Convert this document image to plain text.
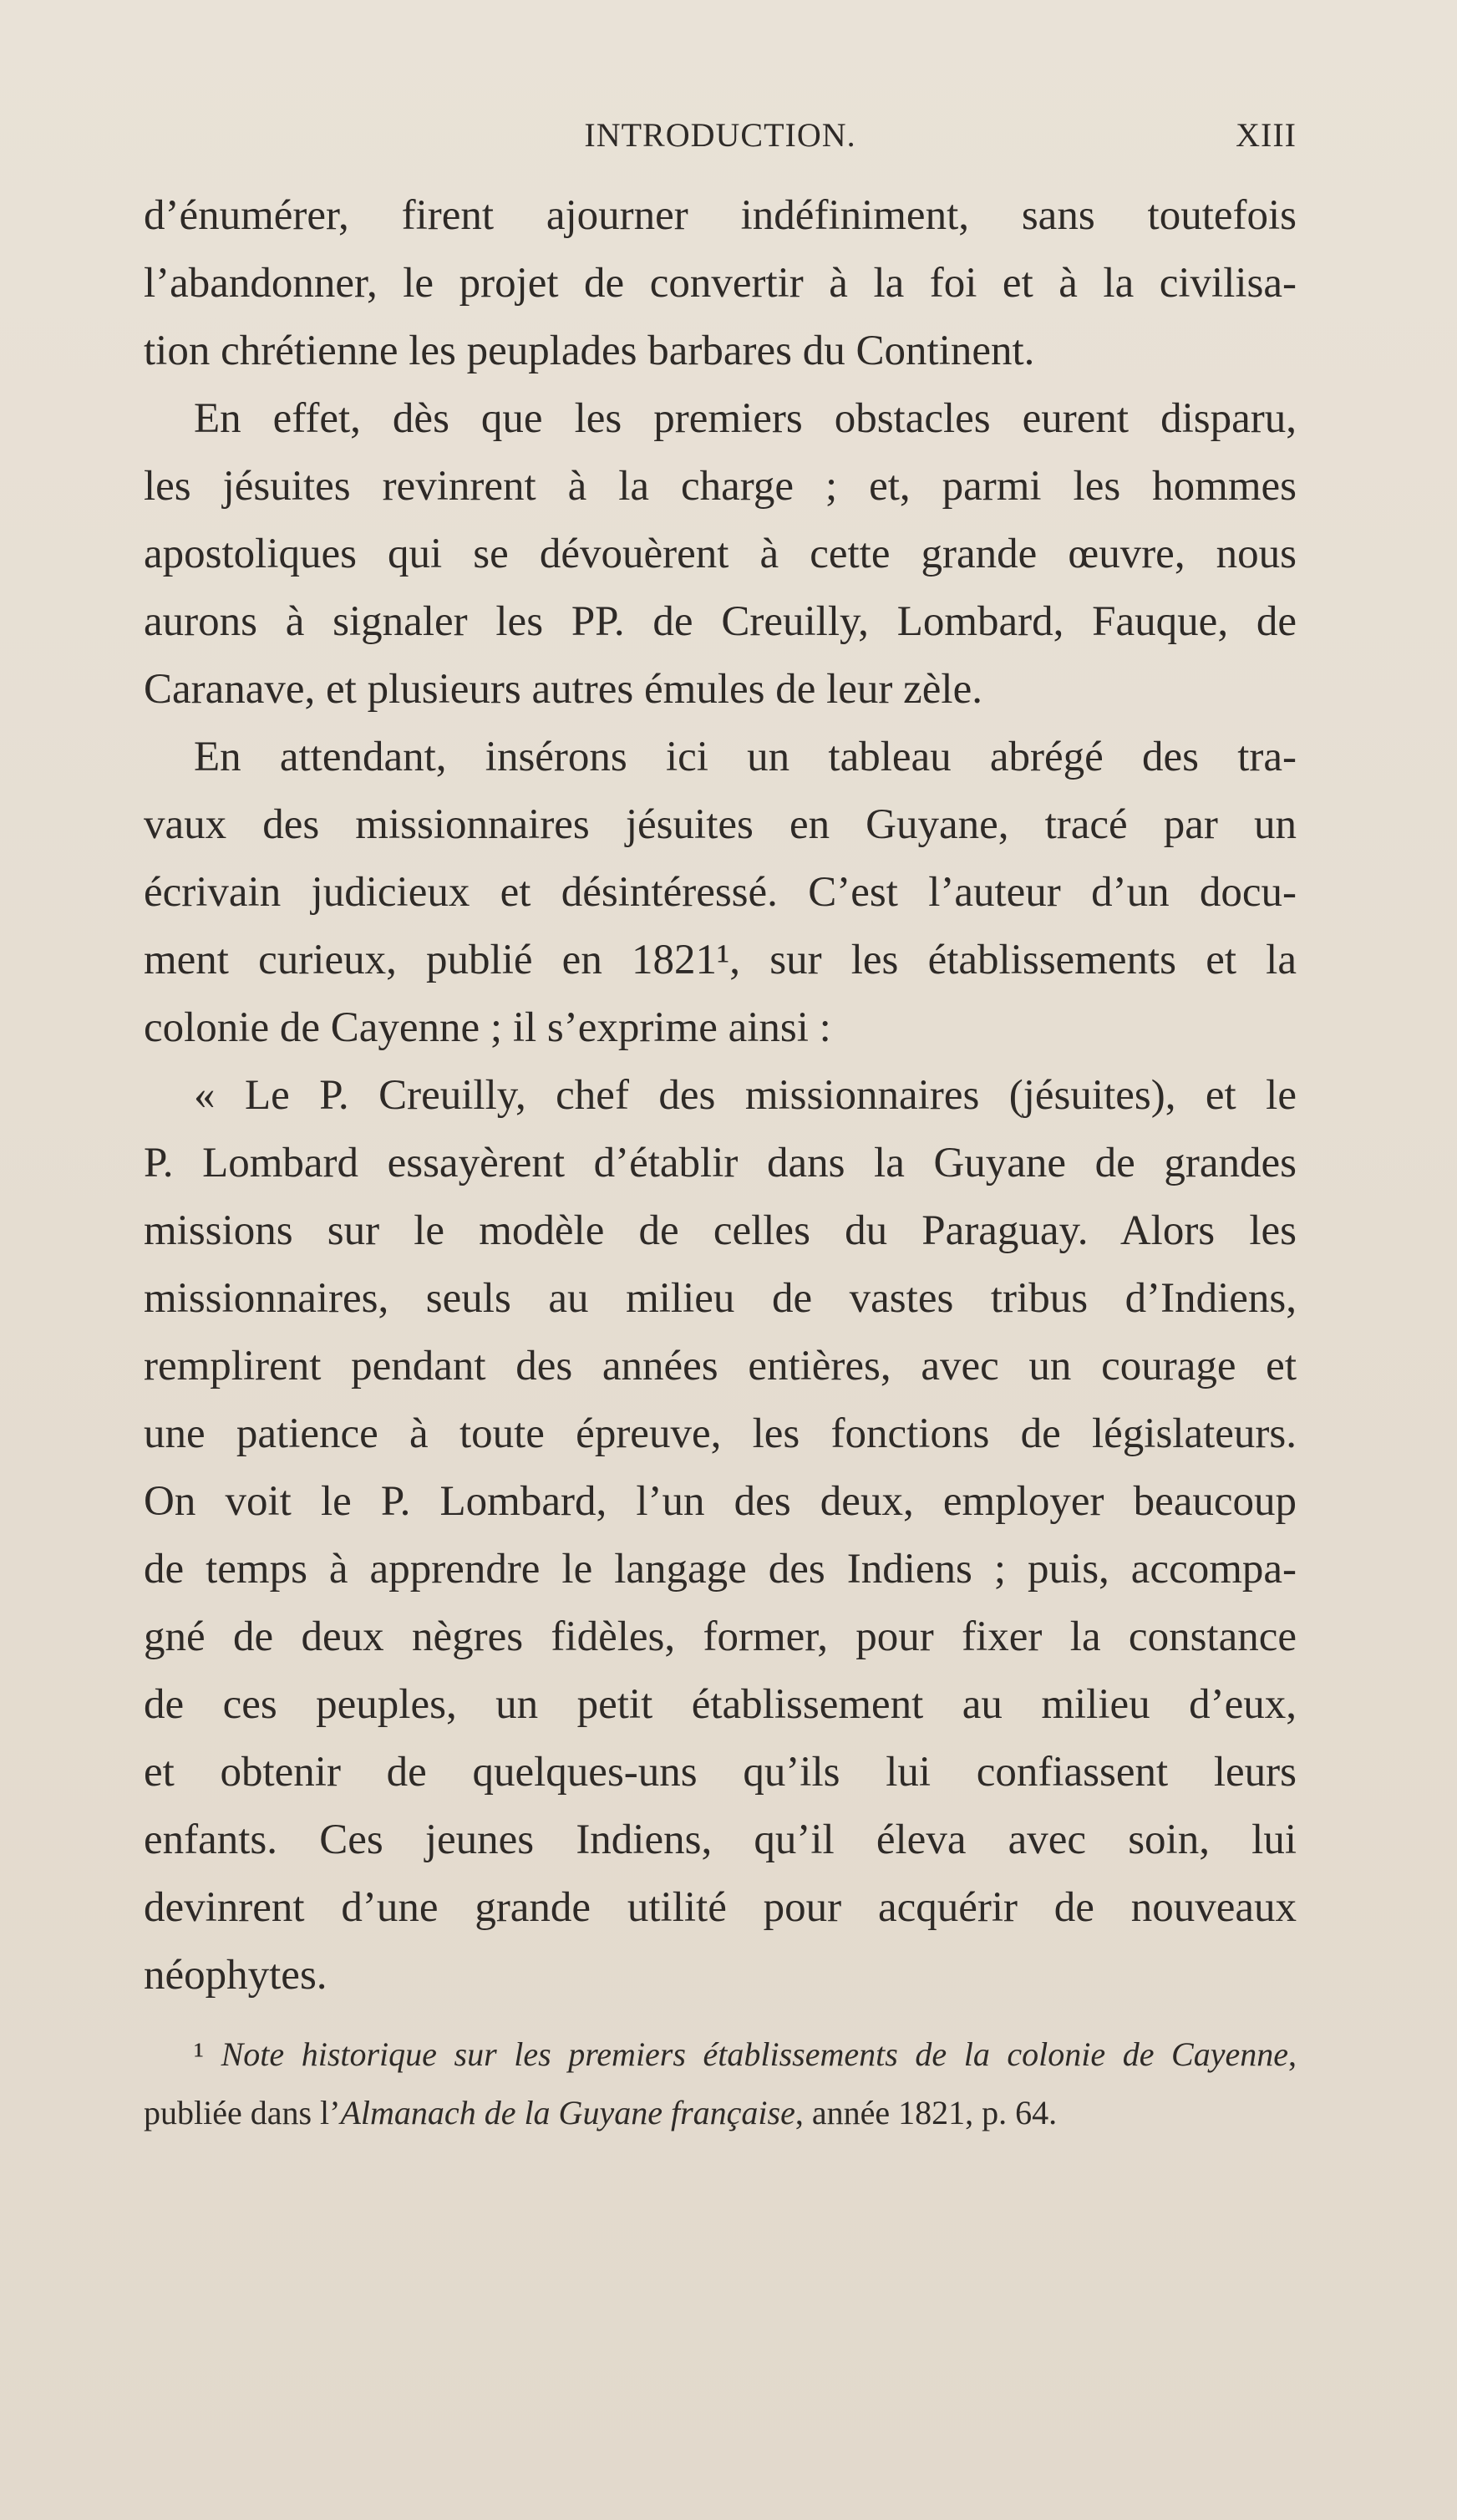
INTRODUCTION.	XIII

d’énumérer, firent ajourner indéfiniment, sans toutefois

l’abandonner, le projet de convertir à la foi et à la civilisa-

tion chrétienne les peuplades barbares du Continent.

En effet, dès que les premiers obstacles eurent disparu,

les jésuites revinrent à la charge ; et, parmi les hommes

apostoliques qui se dévouèrent à cette grande œuvre, nous

aurons à signaler les PP. de Creuilly, Lombard, Fauque, de

Caranave, et plusieurs autres émules de leur zèle.

En attendant, insérons ici un tableau abrégé des tra-

vaux des missionnaires jésuites en Guyane, tracé par un

écrivain judicieux et désintéressé. C’est l’auteur d’un docu-

ment curieux, publié en 1821¹, sur les établissements et la

colonie de Cayenne ; il s’exprime ainsi :

« Le P. Creuilly, chef des missionnaires (jésuites), et le

P. Lombard essayèrent d’établir dans la Guyane de grandes

missions sur le modèle de celles du Paraguay. Alors les

missionnaires, seuls au milieu de vastes tribus d’Indiens,

remplirent pendant des années entières, avec un courage et

une patience à toute épreuve, les fonctions de législateurs.

On voit le P. Lombard, l’un des deux, employer beaucoup

de temps à apprendre le langage des Indiens ; puis, accompa-

gné de deux nègres fidèles, former, pour fixer la constance

de ces peuples, un petit établissement au milieu d’eux,

et obtenir de quelques-uns qu’ils lui confiassent leurs

enfants. Ces jeunes Indiens, qu’il éleva avec soin, lui

devinrent d’une grande utilité pour acquérir de nouveaux

néophytes.

¹ Note historique sur les premiers établissements de la colonie de Cayenne, publiée dans l’Almanach de la Guyane française, année 1821, p. 64.
